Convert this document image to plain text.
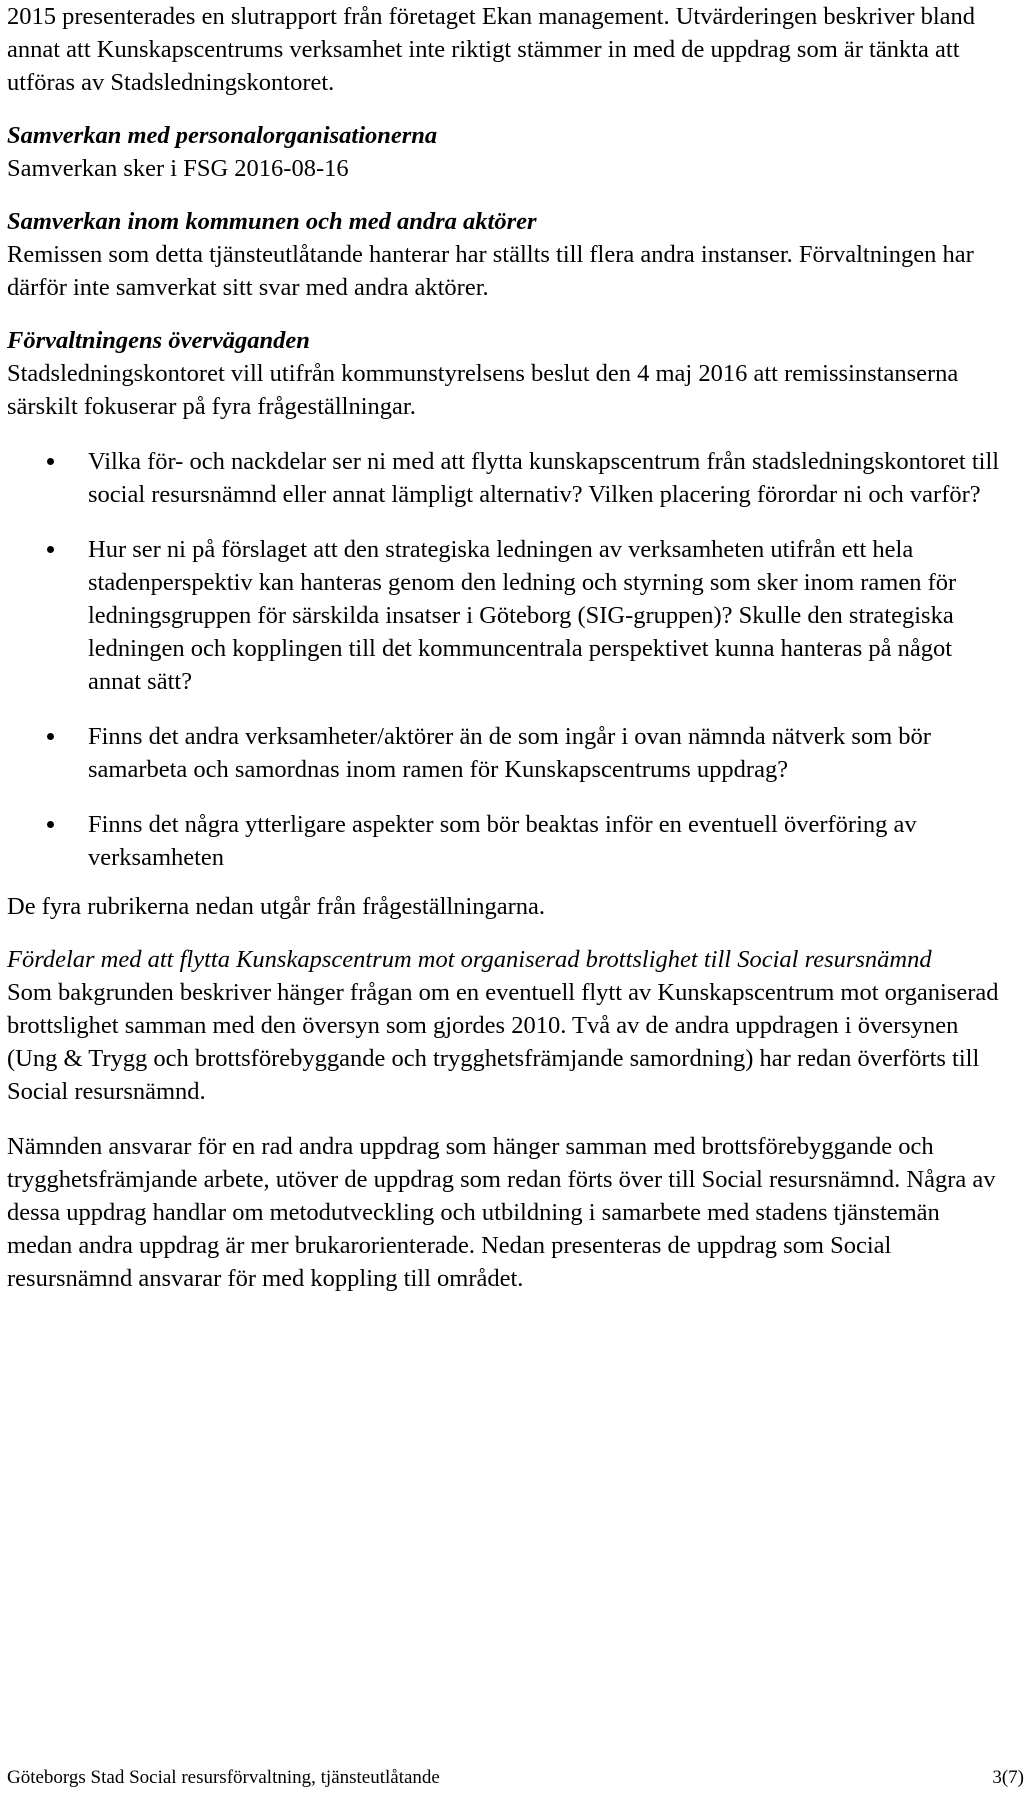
2015 presenterades en slutrapport från företaget Ekan management. Utvärderingen beskriver bland annat att Kunskapscentrums verksamhet inte riktigt stämmer in med de uppdrag som är tänkta att utföras av Stadsledningskontoret.

Samverkan med personalorganisationerna

Samverkan sker i FSG 2016-08-16

Samverkan inom kommunen och med andra aktörer

Remissen som detta tjänsteutlåtande hanterar har ställts till flera andra instanser. Förvaltningen har därför inte samverkat sitt svar med andra aktörer.

Förvaltningens överväganden

Stadsledningskontoret vill utifrån kommunstyrelsens beslut den 4 maj 2016 att remissinstanserna särskilt fokuserar på fyra frågeställningar.

Vilka för- och nackdelar ser ni med att flytta kunskapscentrum från stadsledningskontoret till social resursnämnd eller annat lämpligt alternativ? Vilken placering förordar ni och varför?
Hur ser ni på förslaget att den strategiska ledningen av verksamheten utifrån ett hela stadenperspektiv kan hanteras genom den ledning och styrning som sker inom ramen för ledningsgruppen för särskilda insatser i Göteborg (SIG-gruppen)? Skulle den strategiska ledningen och kopplingen till det kommuncentrala perspektivet kunna hanteras på något annat sätt?
Finns det andra verksamheter/aktörer än de som ingår i ovan nämnda nätverk som bör samarbeta och samordnas inom ramen för Kunskapscentrums uppdrag?
Finns det några ytterligare aspekter som bör beaktas inför en eventuell överföring av verksamheten

De fyra rubrikerna nedan utgår från frågeställningarna.

Fördelar med att flytta Kunskapscentrum mot organiserad brottslighet till Social resursnämnd

Som bakgrunden beskriver hänger frågan om en eventuell flytt av Kunskapscentrum mot organiserad brottslighet samman med den översyn som gjordes 2010. Två av de andra uppdragen i översynen (Ung & Trygg och brottsförebyggande och trygghetsfrämjande samordning) har redan överförts till Social resursnämnd.

Nämnden ansvarar för en rad andra uppdrag som hänger samman med brottsförebyggande och trygghetsfrämjande arbete, utöver de uppdrag som redan förts över till Social resursnämnd. Några av dessa uppdrag handlar om metodutveckling och utbildning i samarbete med stadens tjänstemän medan andra uppdrag är mer brukarorienterade. Nedan presenteras de uppdrag som Social resursnämnd ansvarar för med koppling till området.

Göteborgs Stad Social resursförvaltning, tjänsteutlåtande	3(7)
